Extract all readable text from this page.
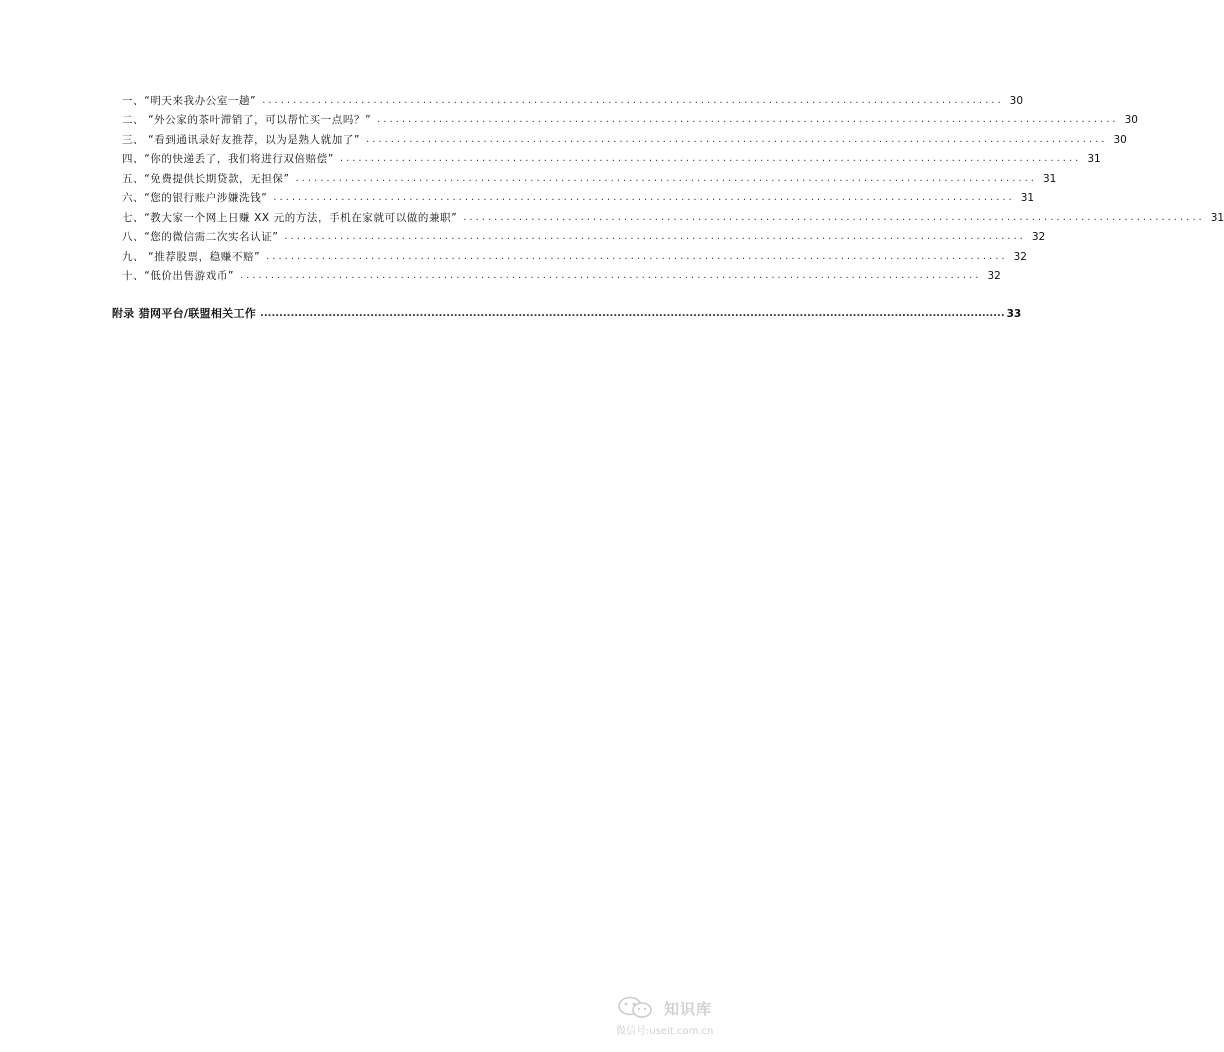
一、“明天来我办公室一趟” ........................................................................................................................ 30
二、 “外公家的茶叶滞销了，可以帮忙买一点吗？” ........................................................................................................................ 30
三、 “看到通讯录好友推荐，以为是熟人就加了” ........................................................................................................................ 30
四、“你的快递丢了，我们将进行双倍赔偿” ........................................................................................................................ 31
五、“免费提供长期贷款，无担保” ........................................................................................................................ 31
六、“您的银行账户涉嫌洗钱” ........................................................................................................................ 31
七、“教大家一个网上日赚 XX 元的方法，手机在家就可以做的兼职” ........................................................................................................................ 31
八、“您的微信需二次实名认证” ........................................................................................................................ 32
九、 “推荐股票，稳赚不赔” ........................................................................................................................ 32
十、“低价出售游戏币” ........................................................................................................................ 32
附录 猎网平台/联盟相关工作 .................................................................................................................................................................................................... 33
知识库
微信号:useit.com.cn
